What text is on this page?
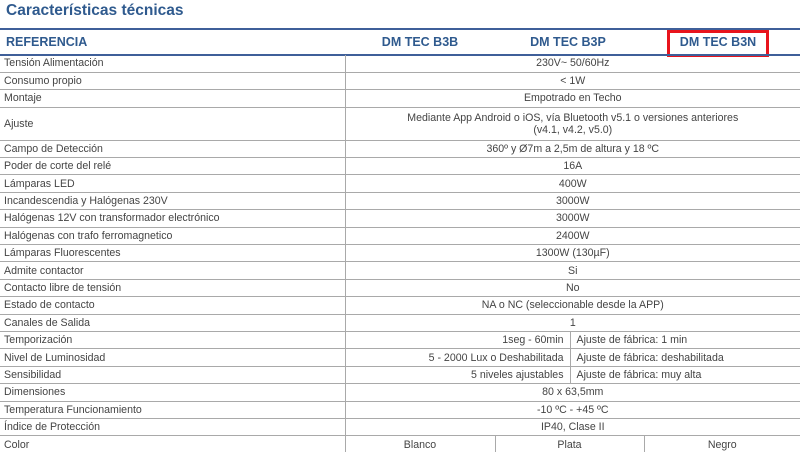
Características técnicas
REFERENCIA	DM TEC B3B	DM TEC B3P	DM TEC B3N
Tensión Alimentación	230V~ 50/60Hz			
Consumo propio	< 1W			
Montaje	Empotrado en Techo			
Ajuste	Mediante App Android o iOS, vía Bluetooth v5.1 o versiones anteriores
(v4.1, v4.2, v5.0)			

Campo de Detección	360º y Ø7m a 2,5m de altura y 18 ºC			
Poder de corte del relé	16A			
Lámparas LED	400W			
Incandescendia y Halógenas 230V	3000W			
Halógenas 12V con transformador electrónico	3000W			
Halógenas con trafo ferromagnetico	2400W			
Lámparas Fluorescentes	1300W (130µF)			
Admite contactor	Si			
Contacto libre de tensión	No			
Estado de contacto	NA o NC (seleccionable desde la APP)			
Canales de Salida	1			
Temporización	1seg - 60min		Ajuste de fábrica: 1 min	
Nivel de Luminosidad	5 - 2000 Lux o Deshabilitada		Ajuste de fábrica: deshabilitada	
Sensibilidad	5 niveles ajustables		Ajuste de fábrica: muy alta	
Dimensiones	80 x 63,5mm			
Temperatura Funcionamiento	-10 ºC - +45 ºC			
Índice de Protección	IP40, Clase II			
Color	Blanco	Plata		Negro
